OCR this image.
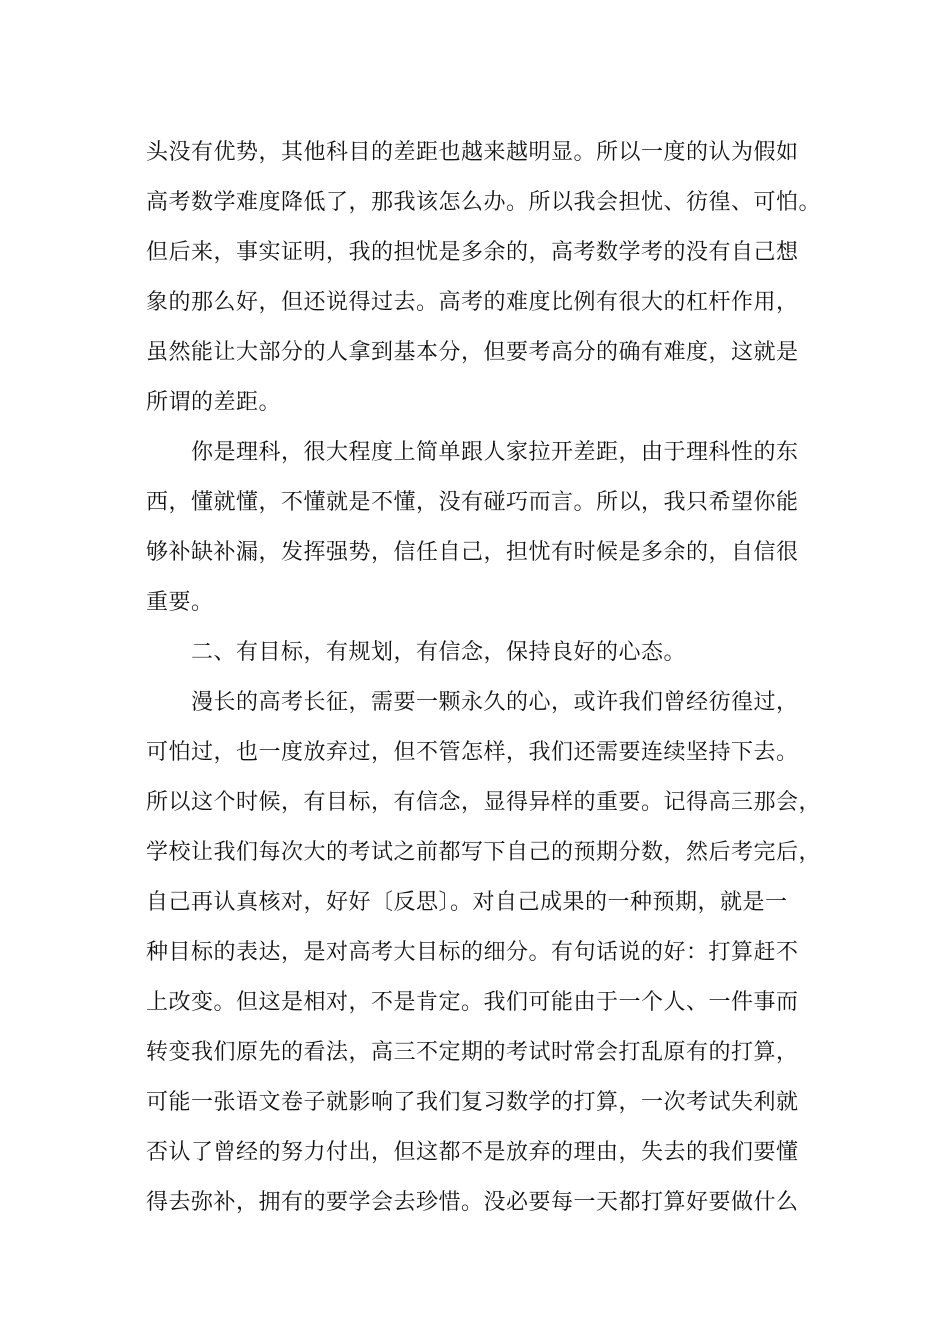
头没有优势，其他科目的差距也越来越明显。所以一度的认为假如
高考数学难度降低了，那我该怎么办。所以我会担忧、彷徨、可怕。
但后来，事实证明，我的担忧是多余的，高考数学考的没有自己想
象的那么好，但还说得过去。高考的难度比例有很大的杠杆作用，
虽然能让大部分的人拿到基本分，但要考高分的确有难度，这就是
所谓的差距。
你是理科，很大程度上简单跟人家拉开差距，由于理科性的东
西，懂就懂，不懂就是不懂，没有碰巧而言。所以，我只希望你能
够补缺补漏，发挥强势，信任自己，担忧有时候是多余的，自信很
重要。
二、有目标，有规划，有信念，保持良好的心态。
漫长的高考长征，需要一颗永久的心，或许我们曾经彷徨过，
可怕过，也一度放弃过，但不管怎样，我们还需要连续坚持下去。
所以这个时候，有目标，有信念，显得异样的重要。记得高三那会，
学校让我们每次大的考试之前都写下自己的预期分数，然后考完后，
自己再认真核对，好好〔反思〕。对自己成果的一种预期，就是一
种目标的表达，是对高考大目标的细分。有句话说的好：打算赶不
上改变。但这是相对，不是肯定。我们可能由于一个人、一件事而
转变我们原先的看法，高三不定期的考试时常会打乱原有的打算，
可能一张语文卷子就影响了我们复习数学的打算，一次考试失利就
否认了曾经的努力付出，但这都不是放弃的理由，失去的我们要懂
得去弥补，拥有的要学会去珍惜。没必要每一天都打算好要做什么
